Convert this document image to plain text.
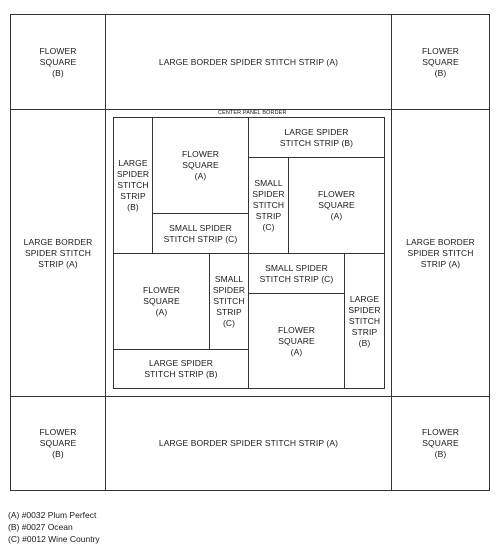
FLOWER
SQUARE
(B)
LARGE BORDER SPIDER STITCH STRIP (A)
FLOWER
SQUARE
(B)
LARGE BORDER
SPIDER STITCH
STRIP (A)
LARGE BORDER
SPIDER STITCH
STRIP (A)
FLOWER
SQUARE
(B)
LARGE BORDER SPIDER STITCH STRIP (A)
FLOWER
SQUARE
(B)
CENTER PANEL BORDER
LARGE
SPIDER
STITCH
STRIP
(B)
FLOWER
SQUARE
(A)
SMALL SPIDER
STITCH STRIP (C)
LARGE SPIDER
STITCH STRIP (B)
SMALL
SPIDER
STITCH
STRIP
(C)
FLOWER
SQUARE
(A)
FLOWER
SQUARE
(A)
SMALL
SPIDER
STITCH
STRIP
(C)
LARGE SPIDER
STITCH STRIP (B)
SMALL SPIDER
STITCH STRIP (C)
FLOWER
SQUARE
(A)
LARGE
SPIDER
STITCH
STRIP
(B)
(A) #0032 Plum Perfect
(B) #0027 Ocean
(C) #0012 Wine Country
